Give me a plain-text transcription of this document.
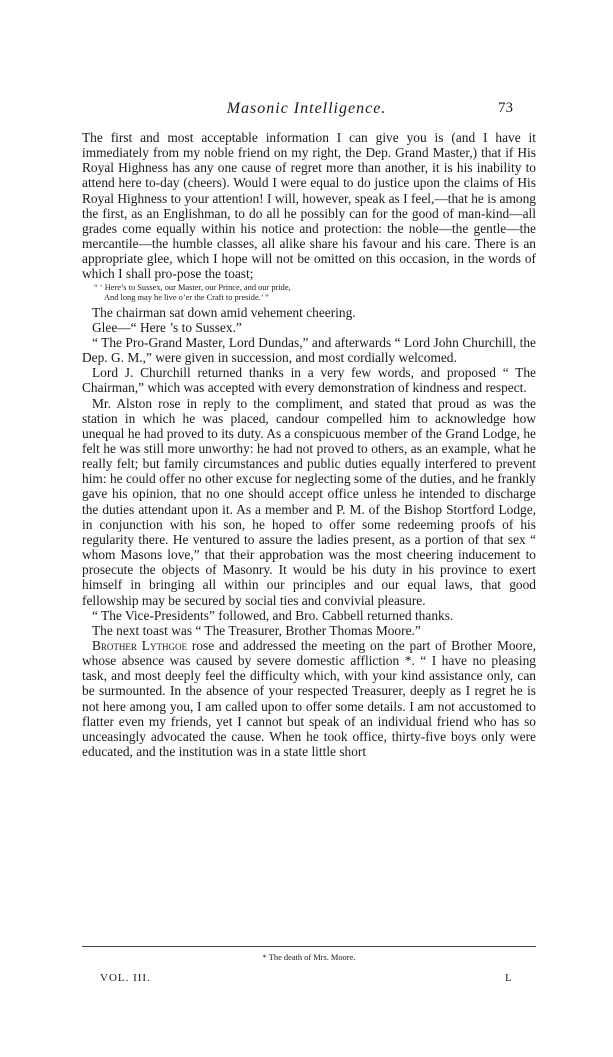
Masonic Intelligence.	73

The first and most acceptable information I can give you is (and I have it immediately from my noble friend on my right, the Dep. Grand Master,) that if His Royal Highness has any one cause of regret more than another, it is his inability to attend here to-day (cheers). Would I were equal to do justice upon the claims of His Royal Highness to your attention! I will, however, speak as I feel,—that he is among the first, as an Englishman, to do all he possibly can for the good of man-kind—all grades come equally within his notice and protection: the noble—the gentle—the mercantile—the humble classes, all alike share his favour and his care. There is an appropriate glee, which I hope will not be omitted on this occasion, in the words of which I shall pro-pose the toast;

“ ‘ Here’s to Sussex, our Master, our Prince, and our pride,
And long may he live o’er the Craft to preside.’ ”

The chairman sat down amid vehement cheering.

Glee—“ Here ’s to Sussex.”

“ The Pro-Grand Master, Lord Dundas,” and afterwards “ Lord John Churchill, the Dep. G. M.,” were given in succession, and most cordially welcomed.

Lord J. Churchill returned thanks in a very few words, and proposed “ The Chairman,” which was accepted with every demonstration of kindness and respect.

Mr. Alston rose in reply to the compliment, and stated that proud as was the station in which he was placed, candour compelled him to acknowledge how unequal he had proved to its duty. As a conspicuous member of the Grand Lodge, he felt he was still more unworthy: he had not proved to others, as an example, what he really felt; but family circumstances and public duties equally interfered to prevent him: he could offer no other excuse for neglecting some of the duties, and he frankly gave his opinion, that no one should accept office unless he intended to discharge the duties attendant upon it. As a member and P. M. of the Bishop Stortford Lodge, in conjunction with his son, he hoped to offer some redeeming proofs of his regularity there. He ventured to assure the ladies present, as a portion of that sex “ whom Masons love,” that their approbation was the most cheering inducement to prosecute the objects of Masonry. It would be his duty in his province to exert himself in bringing all within our principles and our equal laws, that good fellowship may be secured by social ties and convivial pleasure.

“ The Vice-Presidents” followed, and Bro. Cabbell returned thanks.

The next toast was “ The Treasurer, Brother Thomas Moore.”

Brother Lythgoe rose and addressed the meeting on the part of Brother Moore, whose absence was caused by severe domestic affliction *. “ I have no pleasing task, and most deeply feel the difficulty which, with your kind assistance only, can be surmounted. In the absence of your respected Treasurer, deeply as I regret he is not here among you, I am called upon to offer some details. I am not accustomed to flatter even my friends, yet I cannot but speak of an individual friend who has so unceasingly advocated the cause. When he took office, thirty-five boys only were educated, and the institution was in a state little short

* The death of Mrs. Moore.
VOL. III.	L
